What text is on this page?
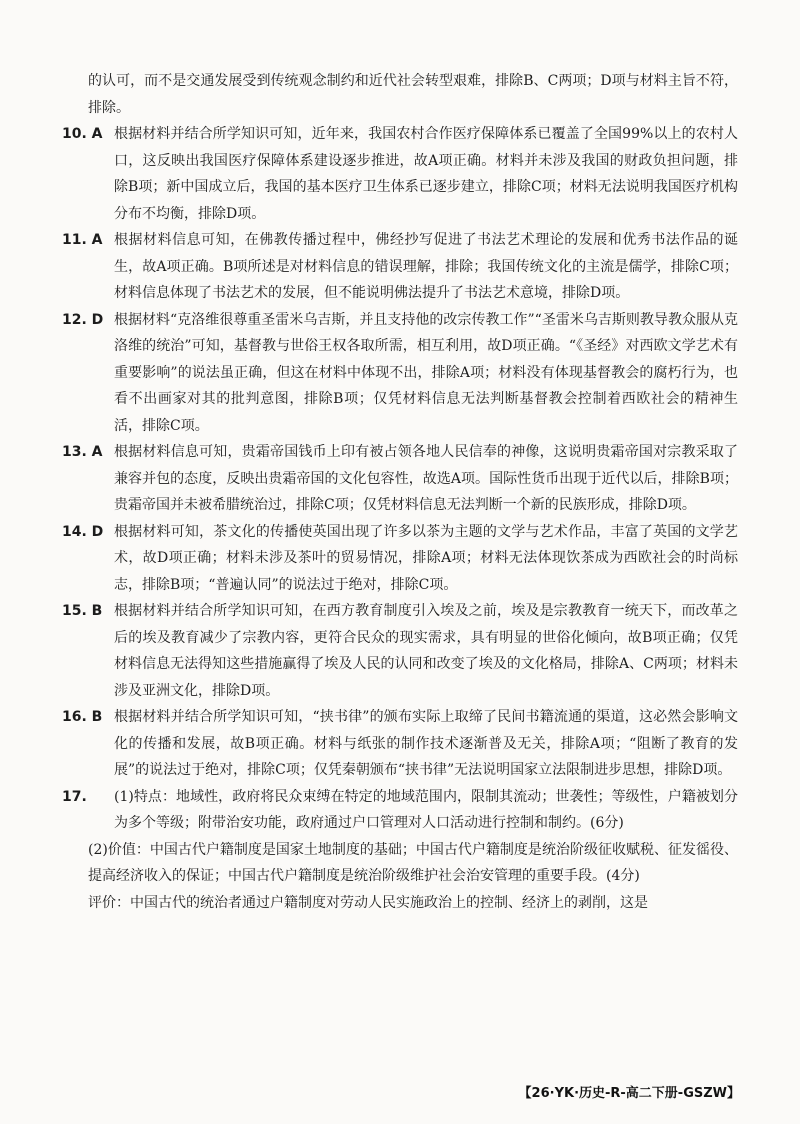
的认可，而不是交通发展受到传统观念制约和近代社会转型艰难，排除B、C两项；D项与材料主旨不符，排除。

10. A 根据材料并结合所学知识可知，近年来，我国农村合作医疗保障体系已覆盖了全国99%以上的农村人口，这反映出我国医疗保障体系建设逐步推进，故A项正确。材料并未涉及我国的财政负担问题，排除B项；新中国成立后，我国的基本医疗卫生体系已逐步建立，排除C项；材料无法说明我国医疗机构分布不均衡，排除D项。
11. A 根据材料信息可知，在佛教传播过程中，佛经抄写促进了书法艺术理论的发展和优秀书法作品的诞生，故A项正确。B项所述是对材料信息的错误理解，排除；我国传统文化的主流是儒学，排除C项；材料信息体现了书法艺术的发展，但不能说明佛法提升了书法艺术意境，排除D项。
12. D 根据材料“克洛维很尊重圣雷米乌吉斯，并且支持他的改宗传教工作”“圣雷米乌吉斯则教导教众服从克洛维的统治”可知，基督教与世俗王权各取所需，相互利用，故D项正确。“《圣经》对西欧文学艺术有重要影响”的说法虽正确，但这在材料中体现不出，排除A项；材料没有体现基督教会的腐朽行为，也看不出画家对其的批判意图，排除B项；仅凭材料信息无法判断基督教会控制着西欧社会的精神生活，排除C项。
13. A 根据材料信息可知，贵霜帝国钱币上印有被占领各地人民信奉的神像，这说明贵霜帝国对宗教采取了兼容并包的态度，反映出贵霜帝国的文化包容性，故选A项。国际性货币出现于近代以后，排除B项；贵霜帝国并未被希腊统治过，排除C项；仅凭材料信息无法判断一个新的民族形成，排除D项。
14. D 根据材料可知，茶文化的传播使英国出现了许多以茶为主题的文学与艺术作品，丰富了英国的文学艺术，故D项正确；材料未涉及茶叶的贸易情况，排除A项；材料无法体现饮茶成为西欧社会的时尚标志，排除B项；“普遍认同”的说法过于绝对，排除C项。
15. B 根据材料并结合所学知识可知，在西方教育制度引入埃及之前，埃及是宗教教育一统天下，而改革之后的埃及教育减少了宗教内容，更符合民众的现实需求，具有明显的世俗化倾向，故B项正确；仅凭材料信息无法得知这些措施赢得了埃及人民的认同和改变了埃及的文化格局，排除A、C两项；材料未涉及亚洲文化，排除D项。
16. B 根据材料并结合所学知识可知，“挟书律”的颁布实际上取缔了民间书籍流通的渠道，这必然会影响文化的传播和发展，故B项正确。材料与纸张的制作技术逐渐普及无关，排除A项；“阻断了教育的发展”的说法过于绝对，排除C项；仅凭秦朝颁布“挟书律”无法说明国家立法限制进步思想，排除D项。
17.	(1)特点：地域性，政府将民众束缚在特定的地域范围内，限制其流动；世袭性；等级性，户籍被划分为多个等级；附带治安功能，政府通过户口管理对人口活动进行控制和制约。(6分)

(2)价值：中国古代户籍制度是国家土地制度的基础；中国古代户籍制度是统治阶级征收赋税、征发徭役、提高经济收入的保证；中国古代户籍制度是统治阶级维护社会治安管理的重要手段。(4分)

评价：中国古代的统治者通过户籍制度对劳动人民实施政治上的控制、经济上的剥削，这是

【26·YK·历史-R-高二下册-GSZW】
